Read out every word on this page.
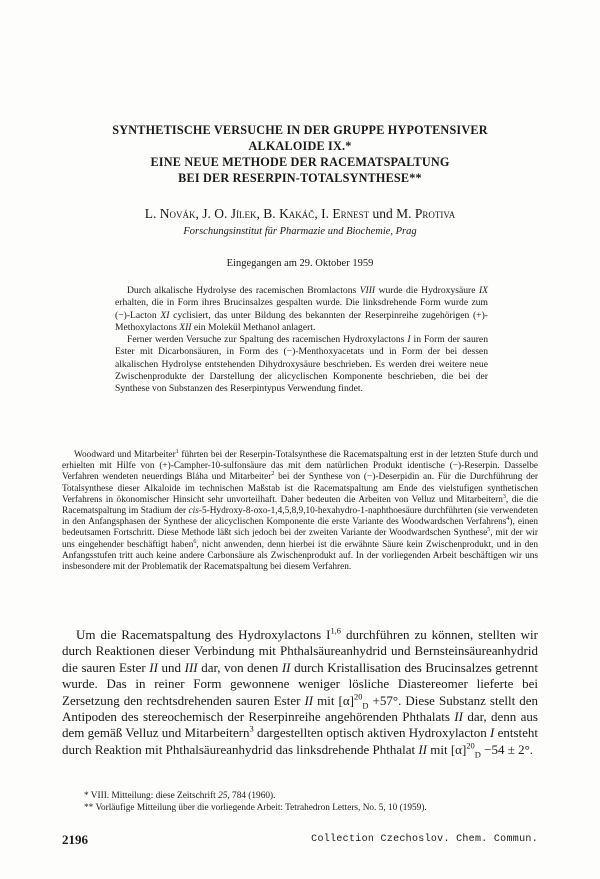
SYNTHETISCHE VERSUCHE IN DER GRUPPE HYPOTENSIVER
ALKALOIDE IX.*
EINE NEUE METHODE DER RACEMATSPALTUNG
BEI DER RESERPIN-TOTALSYNTHESE**
L. Novák, J. O. Jílek, B. Kakáč, I. Ernest und M. Protiva
Forschungsinstitut für Pharmazie und Biochemie, Prag
Eingegangen am 29. Oktober 1959

Durch alkalische Hydrolyse des racemischen Bromlactons VIII wurde die Hydroxysäure IX erhalten, die in Form ihres Brucinsalzes gespalten wurde. Die linksdrehende Form wurde zum (−)-Lacton XI cyclisiert, das unter Bildung des bekannten der Reserpinreihe zugehörigen (+)-Methoxylactons XII ein Molekül Methanol anlagert.

Ferner werden Versuche zur Spaltung des racemischen Hydroxylactons I in Form der sauren Ester mit Dicarbonsäuren, in Form des (−)-Menthoxyacetats und in Form der bei dessen alkalischen Hydrolyse entstehenden Dihydroxysäure beschrieben. Es werden drei weitere neue Zwischenprodukte der Darstellung der alicyclischen Komponente beschrieben, die bei der Synthese von Substanzen des Reserpintypus Verwendung findet.

Woodward und Mitarbeiter$^1$ führten bei der Reserpin-Totalsynthese die Racematspaltung erst in der letzten Stufe durch und erhielten mit Hilfe von (+)-Campher-10-sulfonsäure das mit dem natürlichen Produkt identische (−)-Reserpin. Dasselbe Verfahren wendeten neuerdings Bláha und Mitarbeiter$^2$ bei der Synthese von (−)-Deserpidin an. Für die Durchführung der Totalsynthese dieser Alkaloide im technischen Maßstab ist die Racematspaltung am Ende des vielstufigen synthetischen Verfahrens in ökonomischer Hinsicht sehr unvorteilhaft. Daher bedeuten die Arbeiten von Velluz und Mitarbeitern$^3$, die die Racematspaltung im Stadium der cis-5-Hydroxy-8-oxo-1,4,5,8,9,10-hexahydro-1-naphthoesäure durchführten (sie verwendeten in den Anfangsphasen der Synthese der alicyclischen Komponente die erste Variante des Woodwardschen Verfahrens$^4$), einen bedeutsamen Fortschritt. Diese Methode läßt sich jedoch bei der zweiten Variante der Woodwardschen Synthese$^5$, mit der wir uns eingehender beschäftigt haben$^6$, nicht anwenden, denn hierbei ist die erwähnte Säure kein Zwischenprodukt, und in den Anfangsstufen tritt auch keine andere Carbonsäure als Zwischenprodukt auf. In der vorliegenden Arbeit beschäftigen wir uns insbesondere mit der Problematik der Racematspaltung bei diesem Verfahren.

Um die Racematspaltung des Hydroxylactons I$^{1,6}$ durchführen zu können, stellten wir durch Reaktionen dieser Verbindung mit Phthalsäureanhydrid und Bernsteinsäureanhydrid die sauren Ester II und III dar, von denen II durch Kristallisation des Brucinsalzes getrennt wurde. Das in reiner Form gewonnene weniger lösliche Diastereomer lieferte bei Zersetzung den rechtsdrehenden sauren Ester II mit $[\alpha]^{20}_D +57^\circ$. Diese Substanz stellt den Antipoden des stereochemisch der Reserpinreihe angehörenden Phthalats II dar, denn aus dem gemäß Velluz und Mitarbeitern$^3$ dargestellten optisch aktiven Hydroxylacton I entsteht durch Reaktion mit Phthalsäureanhydrid das linksdrehende Phthalat II mit $[\alpha]^{20}_D -54 \pm 2^\circ$.

* VIII. Mitteilung: diese Zeitschrift 25, 784 (1960).
** Vorläufige Mitteilung über die vorliegende Arbeit: Tetrahedron Letters, No. 5, 10 (1959).
2196	Collection Czechoslov. Chem. Commun.
